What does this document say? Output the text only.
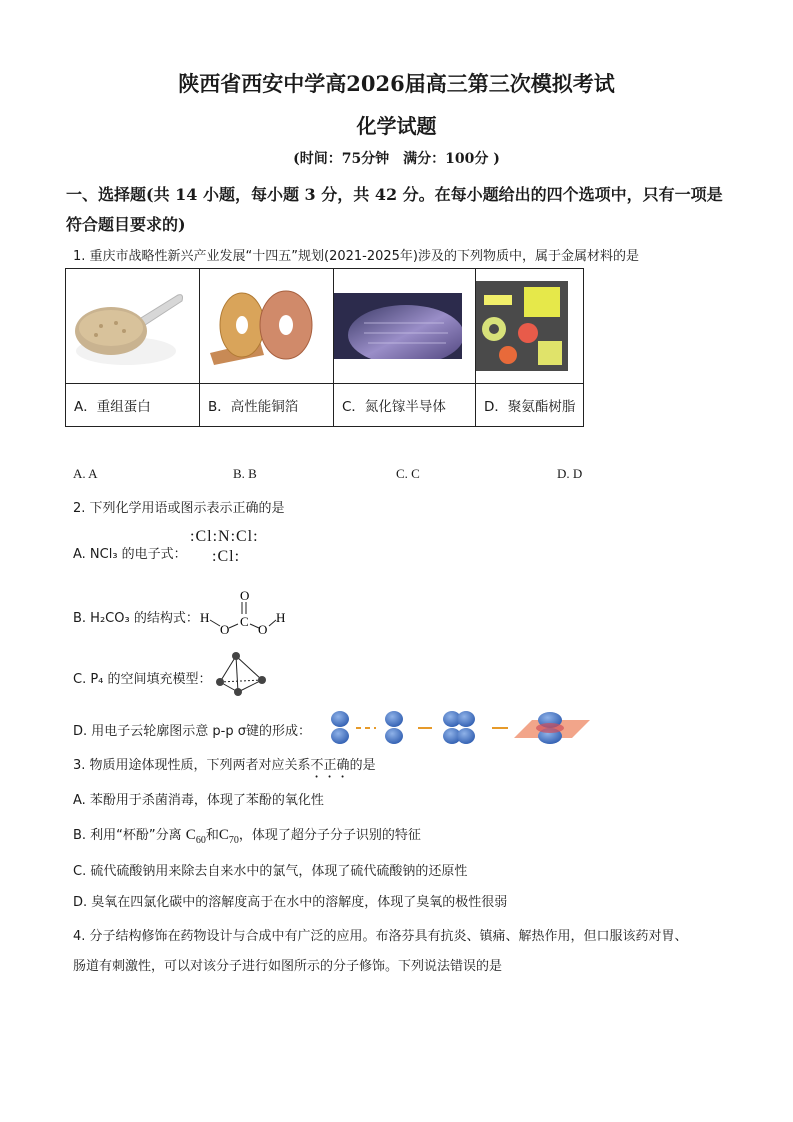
陕西省西安中学高2026届高三第三次模拟考试
化学试题
(时间：75分钟　满分：100分 )
一、选择题(共 14 小题，每小题 3 分，共 42 分。在每小题给出的四个选项中，只有一项是
符合题目要求的)
1. 重庆市战略性新兴产业发展“十四五”规划(2021-2025年)涉及的下列物质中，属于金属材料的是

A．重组蛋白	B．高性能铜箔	C．氮化镓半导体	D．聚氨酯树脂
A. A	B. B	C. C	D. D
2. 下列化学用语或图示表示正确的是
A. NCl₃ 的电子式：
:Cl:N:Cl:
:Cl:
B. H₂CO₃ 的结构式：
O
C
O O
H	H
C. P₄ 的空间填充模型：
D. 用电子云轮廓图示意 p-p σ键的形成：
3. 物质用途体现性质，下列两者对应关系不正确的是
A. 苯酚用于杀菌消毒，体现了苯酚的氧化性
B. 利用“杯酚”分离 $C_{60}$和$C_{70}$，体现了超分子分子识别的特征
C. 硫代硫酸钠用来除去自来水中的氯气，体现了硫代硫酸钠的还原性
D. 臭氧在四氯化碳中的溶解度高于在水中的溶解度，体现了臭氧的极性很弱
4. 分子结构修饰在药物设计与合成中有广泛的应用。布洛芬具有抗炎、镇痛、解热作用，但口服该药对胃、
肠道有刺激性，可以对该分子进行如图所示的分子修饰。下列说法错误的是
